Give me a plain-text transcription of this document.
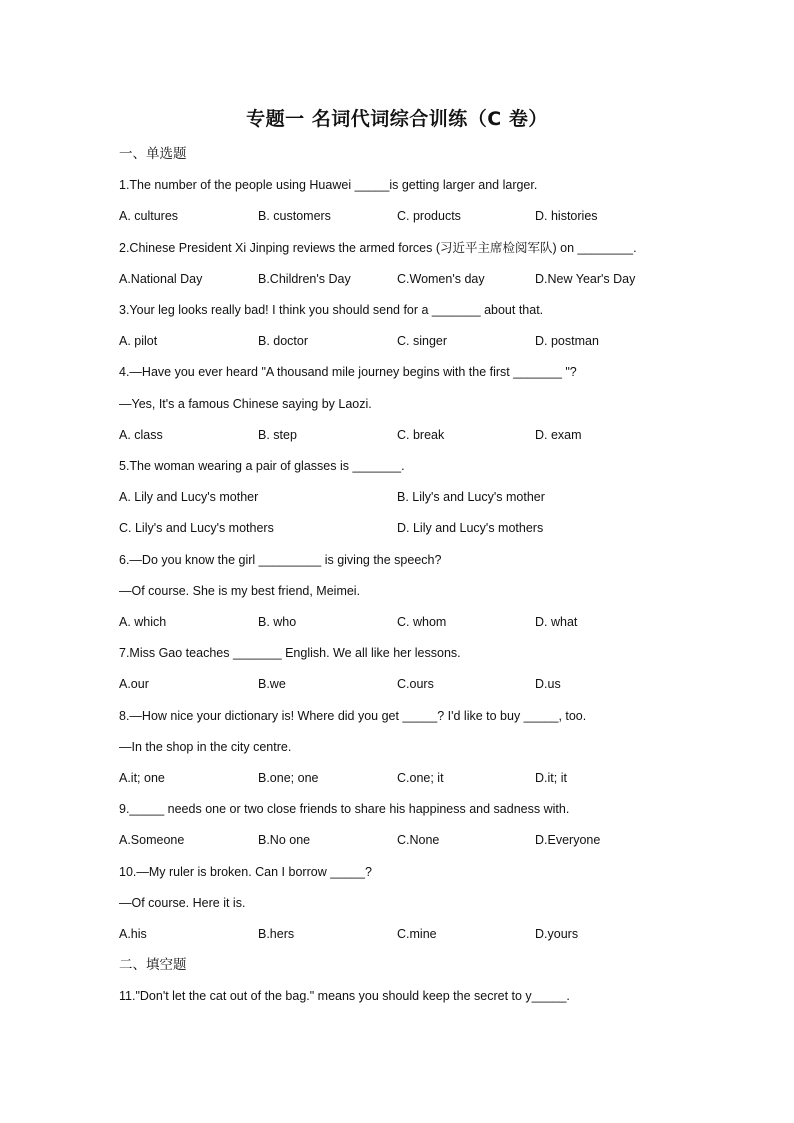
专题一 名词代词综合训练（C 卷）
一、单选题
1.The number of the people using Huawei _____is getting larger and larger.
A. cultures	B. customers	C. products	D. histories
2.Chinese President Xi Jinping reviews the armed forces (习近平主席检阅军队) on ________.
A.National Day	B.Children's Day	C.Women's day	D.New Year's Day
3.Your leg looks really bad! I think you should send for a _______ about that.
A. pilot	B. doctor	C. singer	D. postman
4.—Have you ever heard "A thousand mile journey begins with the first _______ "?
—Yes, It's a famous Chinese saying by Laozi.
A. class	B. step	C. break	D. exam
5.The woman wearing a pair of glasses is _______.
A. Lily and Lucy's mother	B. Lily's and Lucy's mother
C. Lily's and Lucy's mothers	D. Lily and Lucy's mothers
6.—Do you know the girl _________ is giving the speech?
—Of course. She is my best friend, Meimei.
A. which	B. who	C. whom	D. what
7.Miss Gao teaches _______ English. We all like her lessons.
A.our	B.we	C.ours	D.us
8.—How nice your dictionary is! Where did you get _____? I'd like to buy _____, too.
—In the shop in the city centre.
A.it; one	B.one; one	C.one; it	D.it; it
9._____ needs one or two close friends to share his happiness and sadness with.
A.Someone	B.No one	C.None	D.Everyone
10.—My ruler is broken. Can I borrow _____?
—Of course. Here it is.
A.his	B.hers	C.mine	D.yours
二、填空题
11."Don't let the cat out of the bag." means you should keep the secret to y_____.
